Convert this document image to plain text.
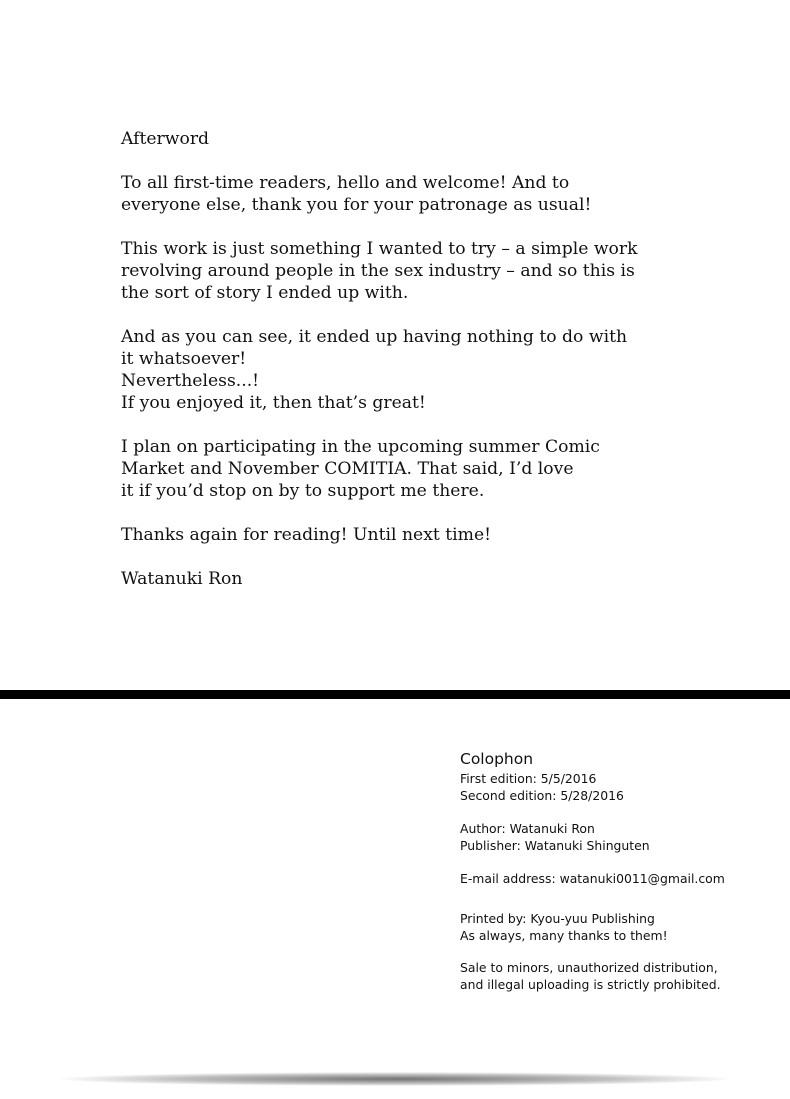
Afterword
To all first-time readers, hello and welcome! And to
everyone else, thank you for your patronage as usual!
This work is just something I wanted to try – a simple work
revolving around people in the sex industry – and so this is
the sort of story I ended up with.
And as you can see, it ended up having nothing to do with
it whatsoever!
Nevertheless...!
If you enjoyed it, then that’s great!
I plan on participating in the upcoming summer Comic
Market and November COMITIA. That said, I’d love
it if you’d stop on by to support me there.
Thanks again for reading! Until next time!
Watanuki Ron
Colophon
First edition: 5/5/2016
Second edition: 5/28/2016
Author: Watanuki Ron
Publisher: Watanuki Shinguten
E-mail address: watanuki0011@gmail.com
Printed by: Kyou-yuu Publishing
As always, many thanks to them!
Sale to minors, unauthorized distribution,
and illegal uploading is strictly prohibited.
